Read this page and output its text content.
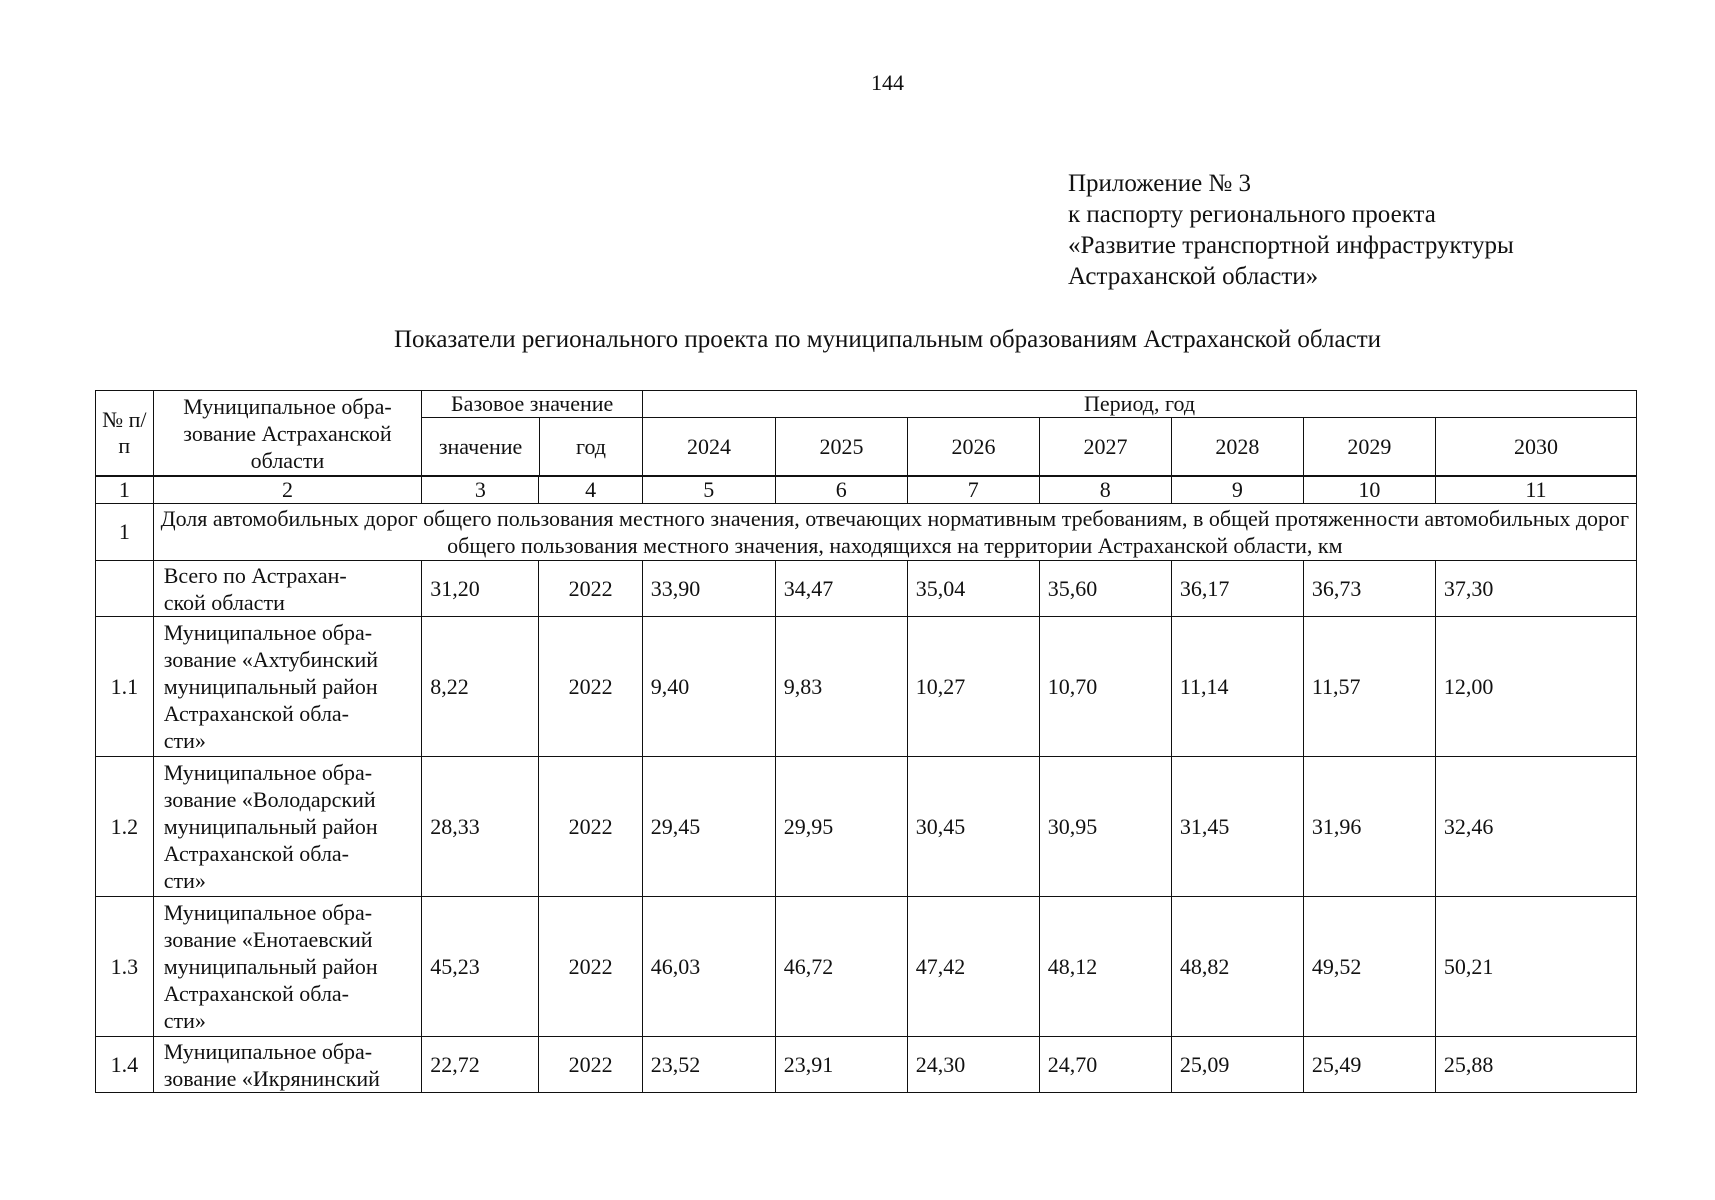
144
Приложение № 3
к паспорту регионального проекта
«Развитие транспортной инфраструктуры
Астраханской области»
Показатели регионального проекта по муниципальным образованиям Астраханской области
№ п/п	Муниципальное обра-зование Астраханской области	Базовое значение		Период, год						
		значение	год	2024	2025	2026	2027	2028	2029	2030
1	2	3	4	5	6	7	8	9	10	11
1	Доля автомобильных дорог общего пользования местного значения, отвечающих нормативным требованиям, в общей протяженности автомобильных дорог общего пользования местного значения, находящихся на территории Астраханской области, км									

	Всего по Астрахан-
ской области	31,20	2022	33,90	34,47	35,04	35,60	36,17	36,73	37,30
1.1	Муниципальное обра-
зование «Ахтубинский
муниципальный район
Астраханской обла-
сти»	8,22	2022	9,40	9,83	10,27	10,70	11,14	11,57	12,00
1.2	Муниципальное обра-
зование «Володарский
муниципальный район
Астраханской обла-
сти»	28,33	2022	29,45	29,95	30,45	30,95	31,45	31,96	32,46
1.3	Муниципальное обра-
зование «Енотаевский
муниципальный район
Астраханской обла-
сти»	45,23	2022	46,03	46,72	47,42	48,12	48,82	49,52	50,21
1.4	Муниципальное обра-
зование «Икрянинский	22,72	2022	23,52	23,91	24,30	24,70	25,09	25,49	25,88
